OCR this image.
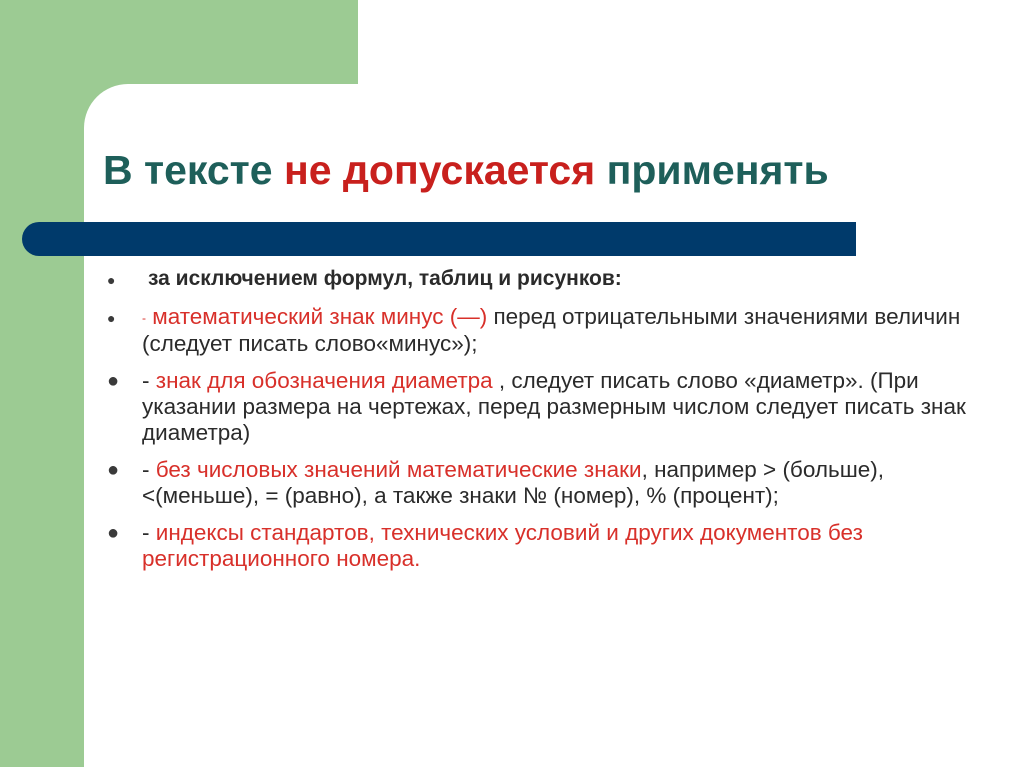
В тексте не допускается применять
● за исключением формул, таблиц и рисунков:
● - математический знак минус (—) перед отрицательными значениями величин (следует писать слово«минус»);
● - знак для обозначения диаметра , следует писать слово «диаметр». (При указании размера на чертежах, перед размерным числом следует писать знак диаметра)
● - без числовых значений математические знаки, например > (больше), <(меньше), = (равно), а также знаки № (номер), % (процент);
● - индексы стандартов, технических условий и других документов без регистрационного номера.
